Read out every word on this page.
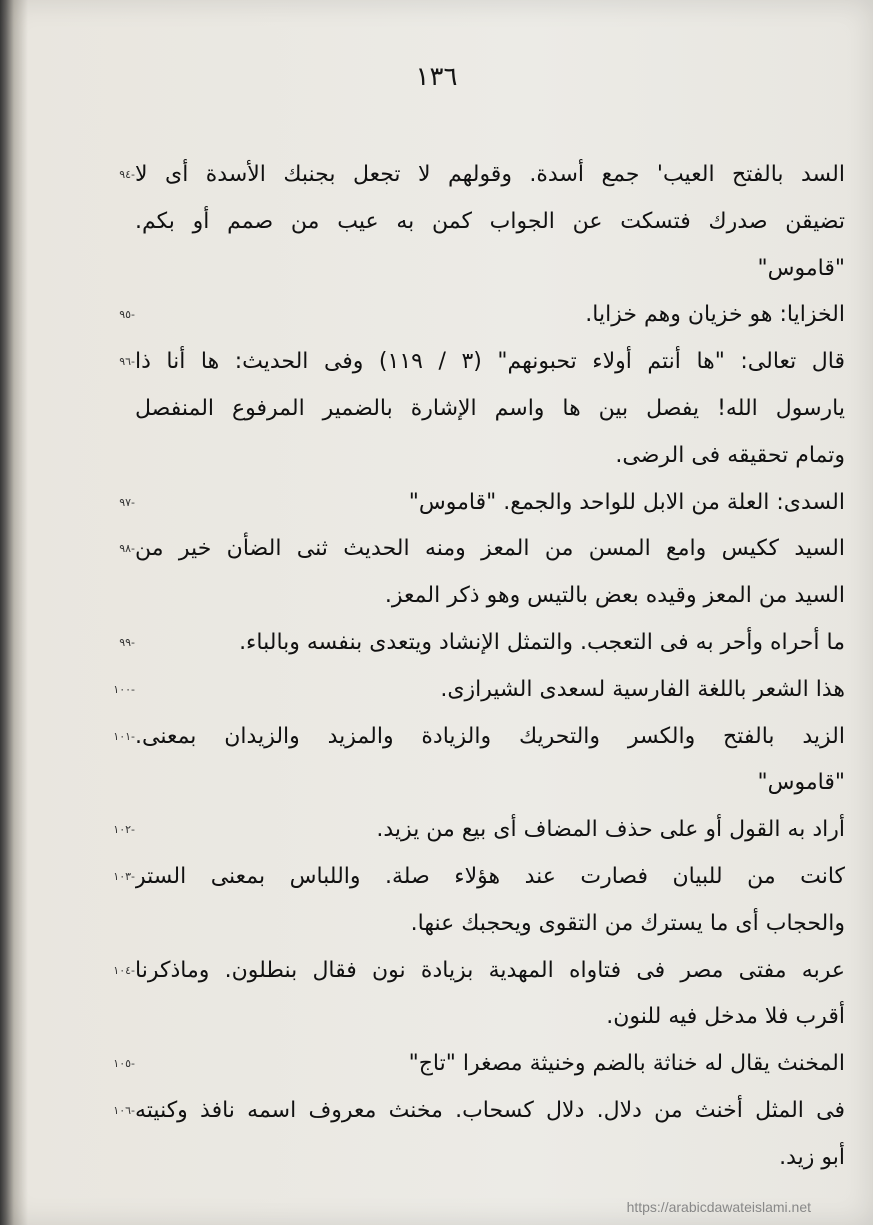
١٣٦
السد بالفتح العيب' جمع أسدة. وقولهم لا تجعل بجنبك الأسدة أى لا
تضيقن صدرك فتسكت عن الجواب كمن به عيب من صمم أو بكم.
"قاموس"
-٩٤
الخزايا: هو خزيان وهم خزايا.
-٩٥
قال تعالى: "ها أنتم أولاء تحبونهم" (٣ / ١١٩) وفى الحديث: ها أنا ذا
يارسول الله! يفصل بين ها واسم الإشارة بالضمير المرفوع المنفصل
وتمام تحقيقه فى الرضى.
-٩٦
السدى: العلة من الابل للواحد والجمع. "قاموس"
-٩٧
السيد ككيس وامع المسن من المعز ومنه الحديث ثنى الضأن خير من
السيد من المعز وقيده بعض بالتيس وهو ذكر المعز.
-٩٨
ما أحراه وأحر به فى التعجب. والتمثل الإنشاد ويتعدى بنفسه وبالباء.
-٩٩
هذا الشعر باللغة الفارسية لسعدى الشيرازى.
-١٠٠
الزيد بالفتح والكسر والتحريك والزيادة والمزيد والزيدان بمعنى.
"قاموس"
-١٠١
أراد به القول أو على حذف المضاف أى بيع من يزيد.
-١٠٢
كانت من للبيان فصارت عند هؤلاء صلة. واللباس بمعنى الستر
والحجاب أى ما يسترك من التقوى ويحجبك عنها.
-١٠٣
عربه مفتى مصر فى فتاواه المهدية بزيادة نون فقال بنطلون. وماذكرنا
أقرب فلا مدخل فيه للنون.
-١٠٤
المخنث يقال له خناثة بالضم وخنيثة مصغرا "تاج"
-١٠٥
فى المثل أخنث من دلال. دلال كسحاب. مخنث معروف اسمه نافذ وكنيته
أبو زيد.
-١٠٦
https://arabicdawateislami.net
